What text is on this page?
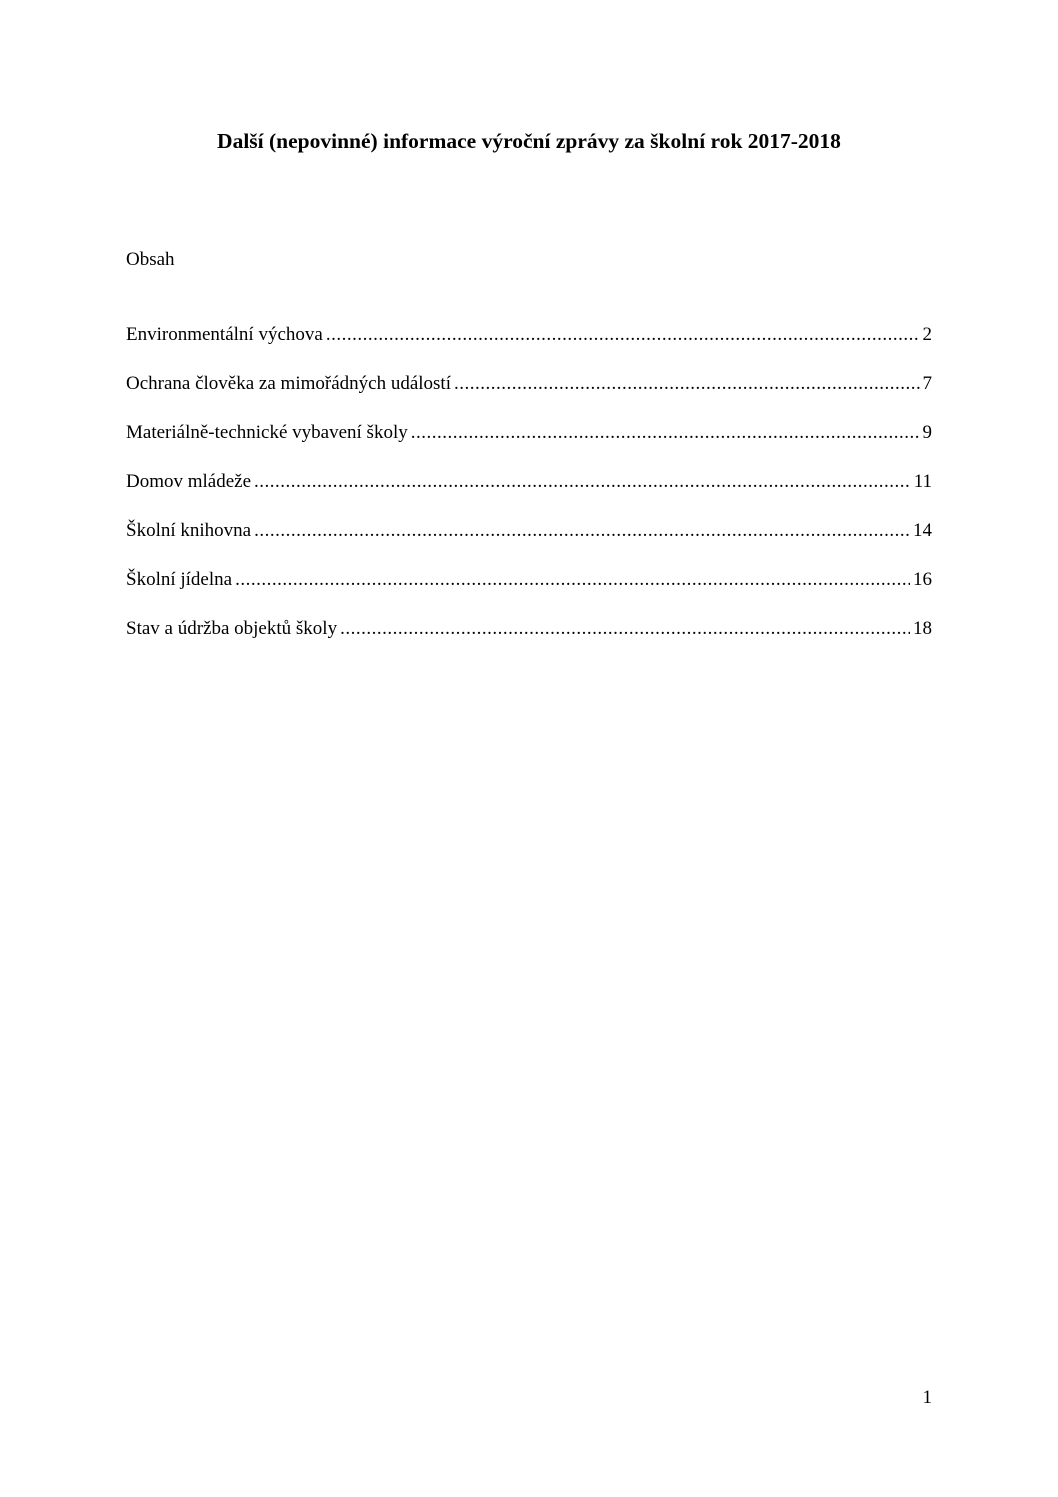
Další (nepovinné) informace výroční zprávy za školní rok 2017-2018
Obsah
Environmentální výchova .....	2
Ochrana člověka za mimořádných událostí .....	7
Materiálně-technické vybavení školy .....	9
Domov mládeže .....	11
Školní knihovna .....	14
Školní jídelna .....	16
Stav a údržba objektů školy .....	18
1
